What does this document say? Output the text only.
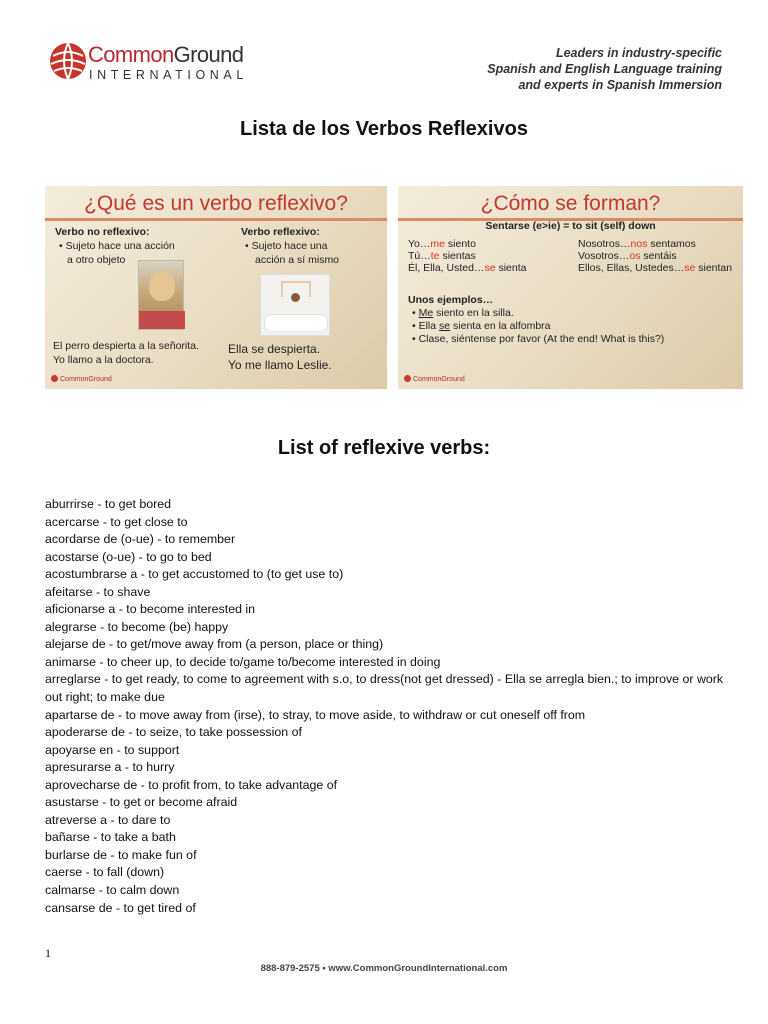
CommonGround
INTERNATIONAL
Leaders in industry-specific
Spanish and English Language training
and experts in Spanish Immersion
Lista de los Verbos Reflexivos
¿Qué es un verbo reflexivo?
Verbo no reflexivo:
• Sujeto hace una acción
a otro objeto
Verbo reflexivo:
• Sujeto hace una
acción a sí mismo
El perro despierta a la señorita.
Yo llamo a la doctora.
Ella se despierta.
Yo me llamo Leslie.
CommonGround
¿Cómo se forman?
Sentarse (e>ie) = to sit (self) down
Yo…me siento
Tú…te sientas
Él, Ella, Usted…se sienta
Nosotros…nos sentamos
Vosotros…os sentáis
Ellos, Ellas, Ustedes…se sientan
Unos ejemplos…
• Me siento en la silla.
• Ella se sienta en la alfombra
• Clase, siéntense por favor (At the end! What is this?)
CommonGround
List of reflexive verbs:
aburrirse - to get bored
acercarse - to get close to
acordarse de (o-ue) - to remember
acostarse (o-ue) - to go to bed
acostumbrarse a - to get accustomed to (to get use to)
afeitarse - to shave
aficionarse a - to become interested in
alegrarse - to become (be) happy
alejarse de - to get/move away from (a person, place or thing)
animarse - to cheer up, to decide to/game to/become interested in doing
arreglarse - to get ready, to come to agreement with s.o, to dress(not get dressed) - Ella se arregla bien.; to improve or work out right; to make due
apartarse de - to move away from (irse), to stray, to move aside, to withdraw or cut oneself off from
apoderarse de - to seize, to take possession of
apoyarse en - to support
apresurarse a - to hurry
aprovecharse de - to profit from, to take advantage of
asustarse - to get or become afraid
atreverse a - to dare to
bañarse - to take a bath
burlarse de - to make fun of
caerse - to fall (down)
calmarse - to calm down
cansarse de - to get tired of
1
888-879-2575 • www.CommonGroundInternational.com
